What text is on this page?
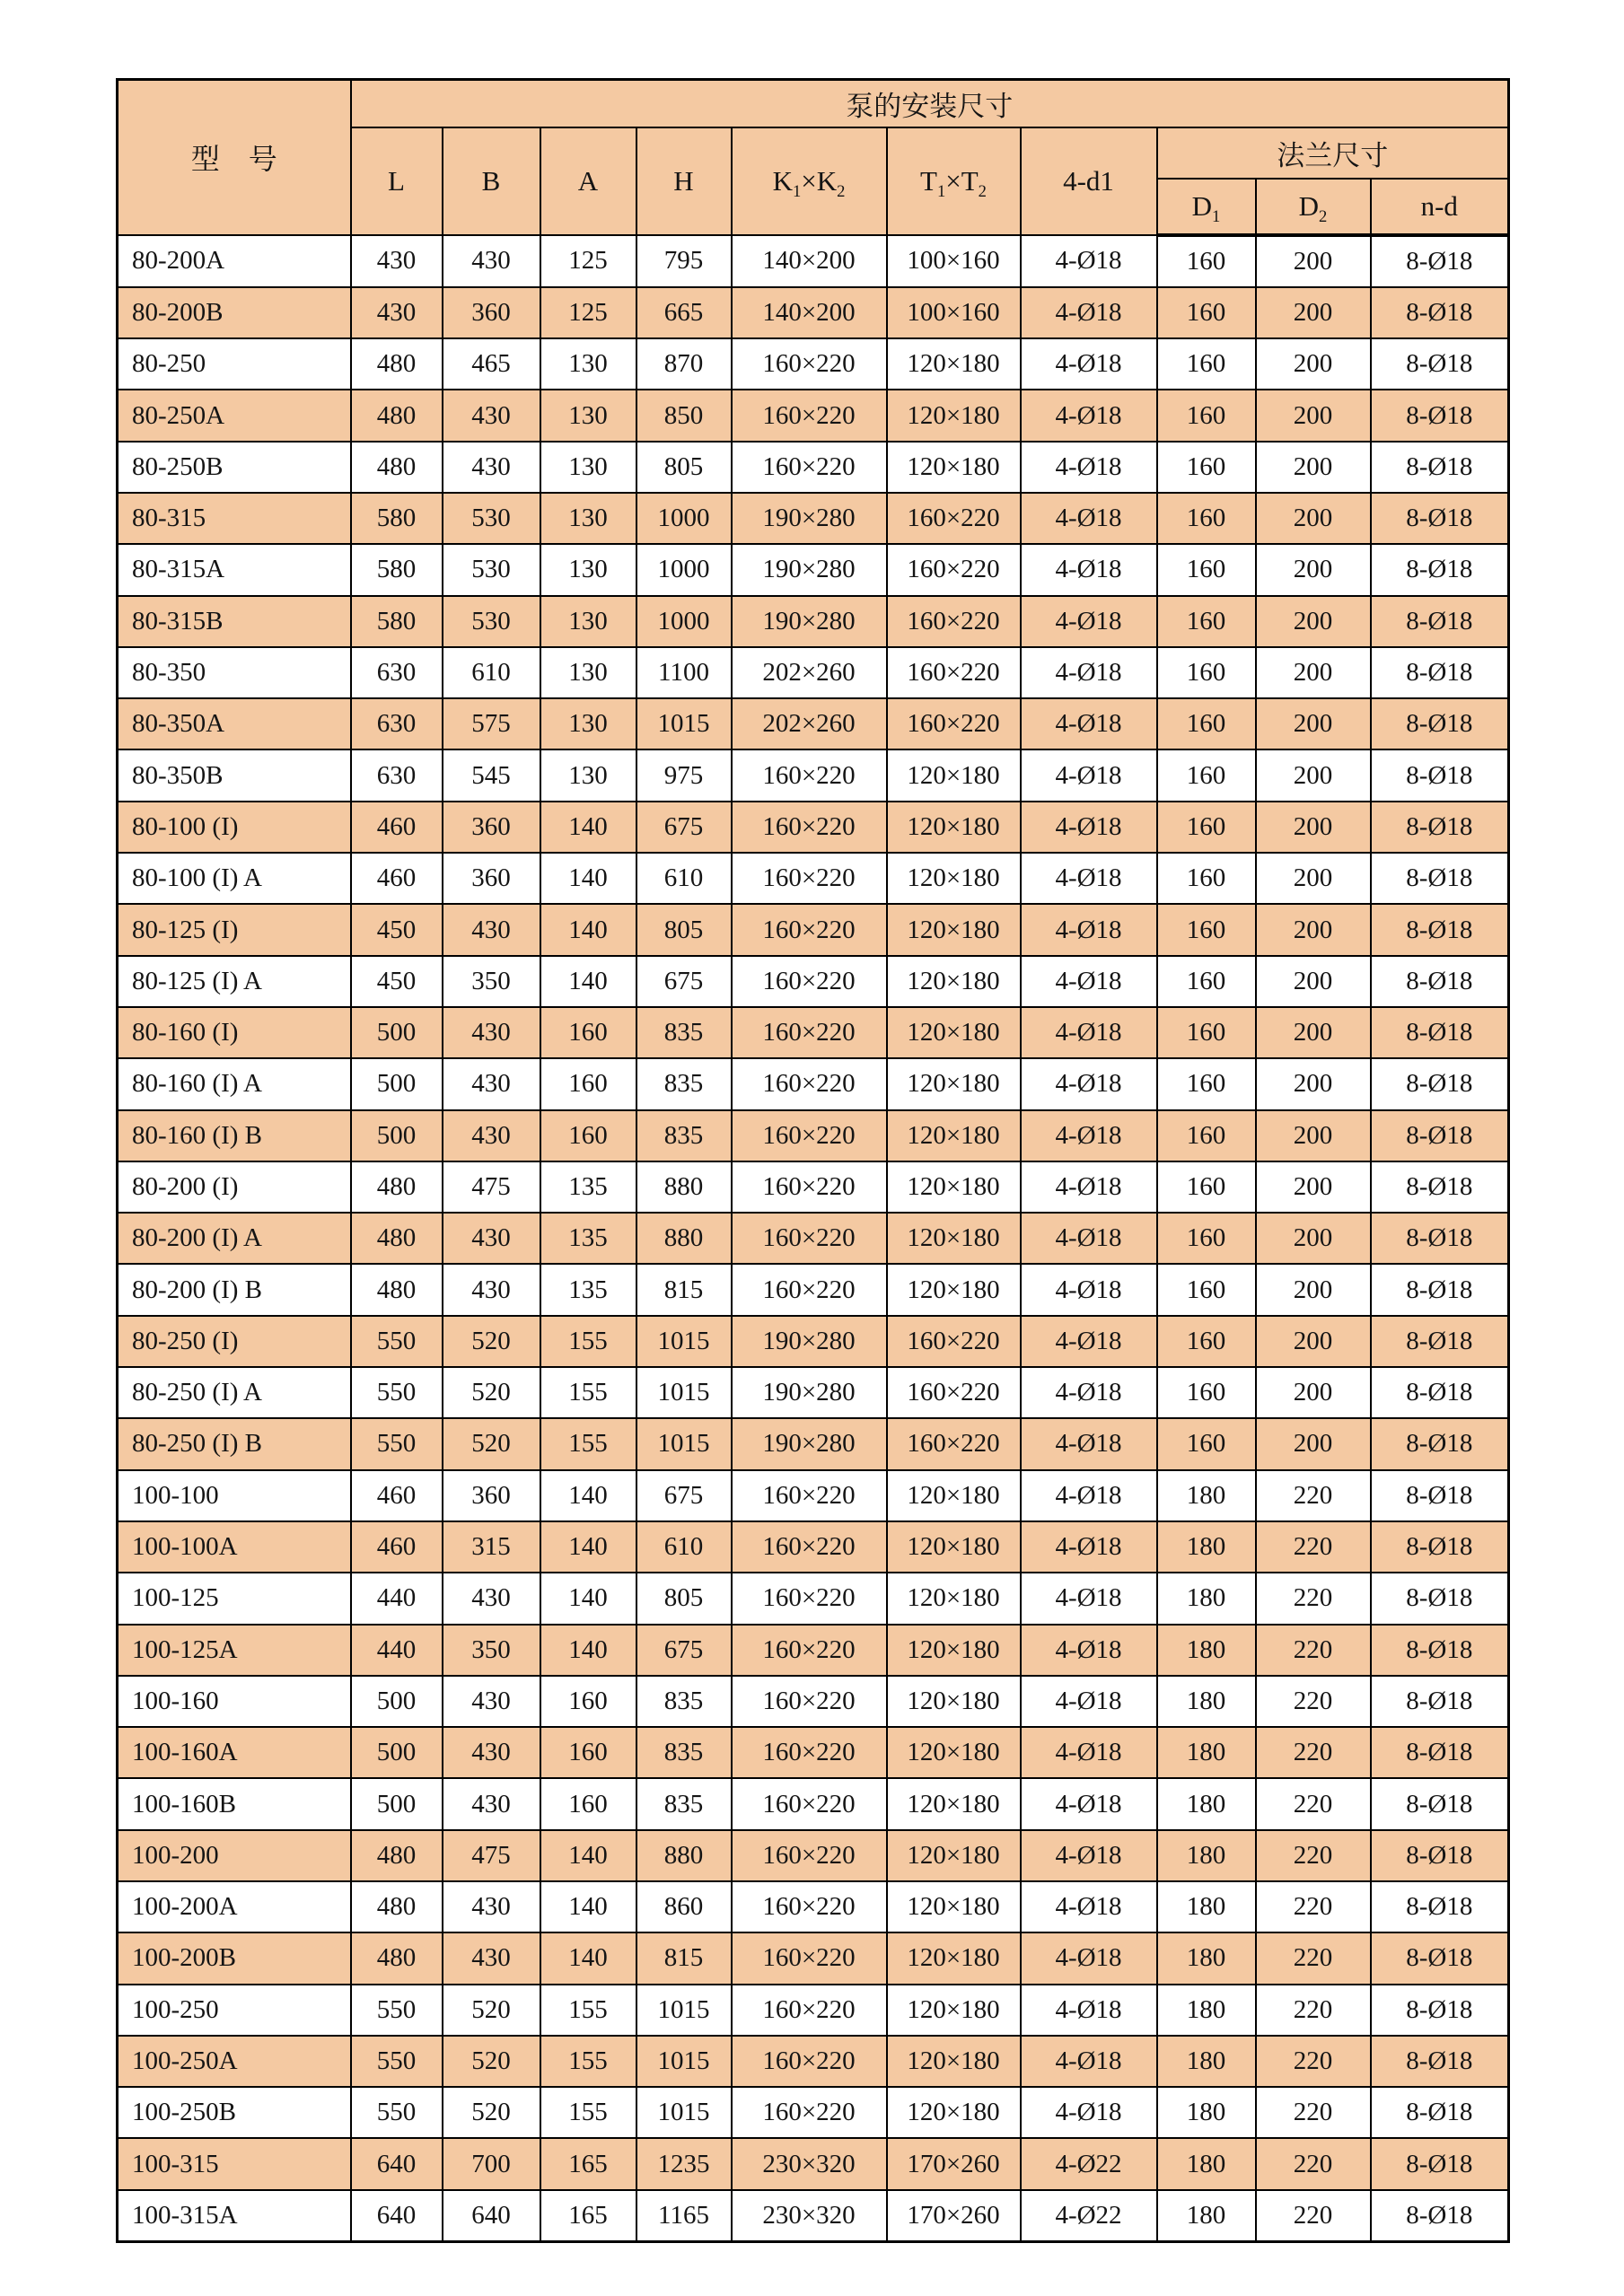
型　号	泵的安装尺寸									
	L	B	A	H	$K_1\times K_2$	$T_1\times T_2$	4-d1	法兰尺寸		
								$D_1$	$D_2$	n-d
80-200A	430	430	125	795	140×200	100×160	4-Ø18	160	200	8-Ø18
80-200B	430	360	125	665	140×200	100×160	4-Ø18	160	200	8-Ø18
80-250	480	465	130	870	160×220	120×180	4-Ø18	160	200	8-Ø18
80-250A	480	430	130	850	160×220	120×180	4-Ø18	160	200	8-Ø18
80-250B	480	430	130	805	160×220	120×180	4-Ø18	160	200	8-Ø18
80-315	580	530	130	1000	190×280	160×220	4-Ø18	160	200	8-Ø18
80-315A	580	530	130	1000	190×280	160×220	4-Ø18	160	200	8-Ø18
80-315B	580	530	130	1000	190×280	160×220	4-Ø18	160	200	8-Ø18
80-350	630	610	130	1100	202×260	160×220	4-Ø18	160	200	8-Ø18
80-350A	630	575	130	1015	202×260	160×220	4-Ø18	160	200	8-Ø18
80-350B	630	545	130	975	160×220	120×180	4-Ø18	160	200	8-Ø18
80-100 (I)	460	360	140	675	160×220	120×180	4-Ø18	160	200	8-Ø18
80-100 (I) A	460	360	140	610	160×220	120×180	4-Ø18	160	200	8-Ø18
80-125 (I)	450	430	140	805	160×220	120×180	4-Ø18	160	200	8-Ø18
80-125 (I) A	450	350	140	675	160×220	120×180	4-Ø18	160	200	8-Ø18
80-160 (I)	500	430	160	835	160×220	120×180	4-Ø18	160	200	8-Ø18
80-160 (I) A	500	430	160	835	160×220	120×180	4-Ø18	160	200	8-Ø18
80-160 (I) B	500	430	160	835	160×220	120×180	4-Ø18	160	200	8-Ø18
80-200 (I)	480	475	135	880	160×220	120×180	4-Ø18	160	200	8-Ø18
80-200 (I) A	480	430	135	880	160×220	120×180	4-Ø18	160	200	8-Ø18
80-200 (I) B	480	430	135	815	160×220	120×180	4-Ø18	160	200	8-Ø18
80-250 (I)	550	520	155	1015	190×280	160×220	4-Ø18	160	200	8-Ø18
80-250 (I) A	550	520	155	1015	190×280	160×220	4-Ø18	160	200	8-Ø18
80-250 (I) B	550	520	155	1015	190×280	160×220	4-Ø18	160	200	8-Ø18
100-100	460	360	140	675	160×220	120×180	4-Ø18	180	220	8-Ø18
100-100A	460	315	140	610	160×220	120×180	4-Ø18	180	220	8-Ø18
100-125	440	430	140	805	160×220	120×180	4-Ø18	180	220	8-Ø18
100-125A	440	350	140	675	160×220	120×180	4-Ø18	180	220	8-Ø18
100-160	500	430	160	835	160×220	120×180	4-Ø18	180	220	8-Ø18
100-160A	500	430	160	835	160×220	120×180	4-Ø18	180	220	8-Ø18
100-160B	500	430	160	835	160×220	120×180	4-Ø18	180	220	8-Ø18
100-200	480	475	140	880	160×220	120×180	4-Ø18	180	220	8-Ø18
100-200A	480	430	140	860	160×220	120×180	4-Ø18	180	220	8-Ø18
100-200B	480	430	140	815	160×220	120×180	4-Ø18	180	220	8-Ø18
100-250	550	520	155	1015	160×220	120×180	4-Ø18	180	220	8-Ø18
100-250A	550	520	155	1015	160×220	120×180	4-Ø18	180	220	8-Ø18
100-250B	550	520	155	1015	160×220	120×180	4-Ø18	180	220	8-Ø18
100-315	640	700	165	1235	230×320	170×260	4-Ø22	180	220	8-Ø18
100-315A	640	640	165	1165	230×320	170×260	4-Ø22	180	220	8-Ø18
